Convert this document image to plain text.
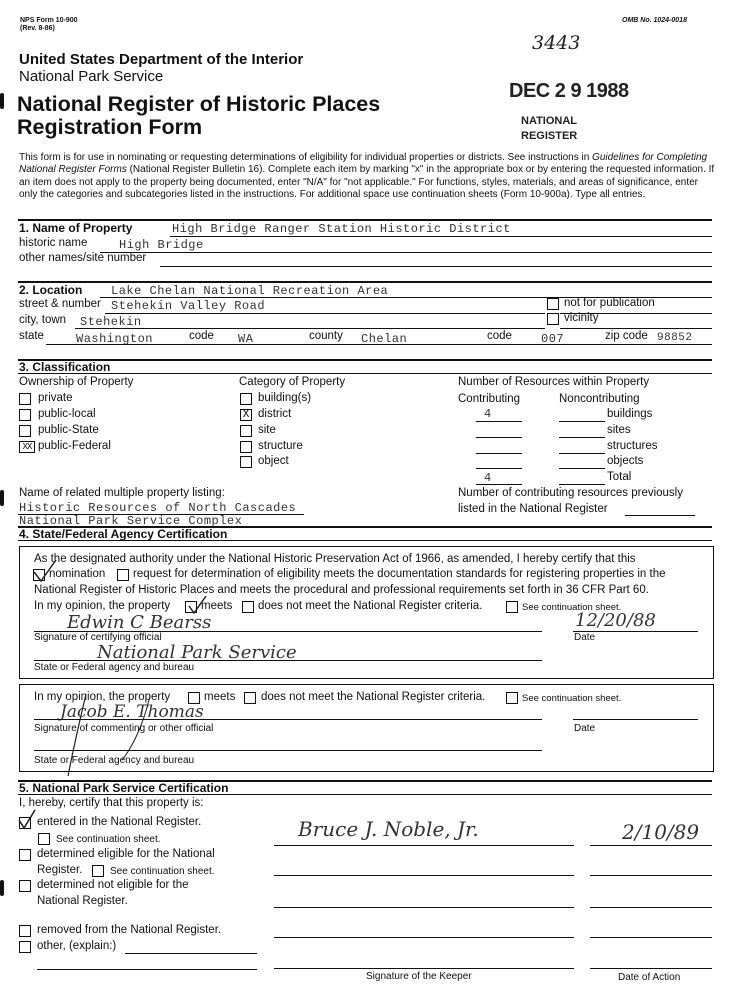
NPS Form 10-900
(Rev. 8-86)
OMB No. 1024-0018
3443
United States Department of the Interior
National Park Service
National Register of Historic Places
Registration Form
DEC 2 9 1988
NATIONAL
REGISTER
This form is for use in nominating or requesting determinations of eligibility for individual properties or districts. See instructions in Guidelines for Completing National Register Forms (National Register Bulletin 16). Complete each item by marking "x" in the appropriate box or by entering the requested information. If an item does not apply to the property being documented, enter "N/A" for "not applicable." For functions, styles, materials, and areas of significance, enter only the categories and subcategories listed in the instructions. For additional space use continuation sheets (Form 10-900a). Type all entries.
1. Name of Property	High Bridge Ranger Station Historic District
historic name	High Bridge
other names/site number
2. Location Lake Chelan National Recreation Area
street & number Stehekin Valley Road	not for publication
city, town Stehekin	vicinity
state	Washington	code WA	county Chelan	code 007	zip code 98852
3. Classification
Ownership of Property
private
public-local
public-State
XX public-Federal
Category of Property
building(s)
X district
site
structure
object
Number of Resources within Property
Contributing	Noncontributing
4	buildings
sites
structures
objects
4	Total
Name of related multiple property listing:
Historic Resources of North Cascades
National Park Service Complex
Number of contributing resources previously
listed in the National Register
4. State/Federal Agency Certification
As the designated authority under the National Historic Preservation Act of 1966, as amended, I hereby certify that this
nomination request for determination of eligibility meets the documentation standards for registering properties in the
National Register of Historic Places and meets the procedural and professional requirements set forth in 36 CFR Part 60.
In my opinion, the property	meets does not meet the National Register criteria.	See continuation sheet.
Edwin C Bearss	12/20/88
Signature of certifying official	Date
National Park Service
State or Federal agency and bureau
In my opinion, the property	meets does not meet the National Register criteria.	See continuation sheet.
Jacob E. Thomas
Signature of commenting or other official	Date
State or Federal agency and bureau
5. National Park Service Certification
I, hereby, certify that this property is:
entered in the National Register.
See continuation sheet.
determined eligible for the National
Register.	See continuation sheet.
determined not eligible for the
National Register.
removed from the National Register.
other, (explain:)
Bruce J. Noble, Jr.	2/10/89
Signature of the Keeper	Date of Action
